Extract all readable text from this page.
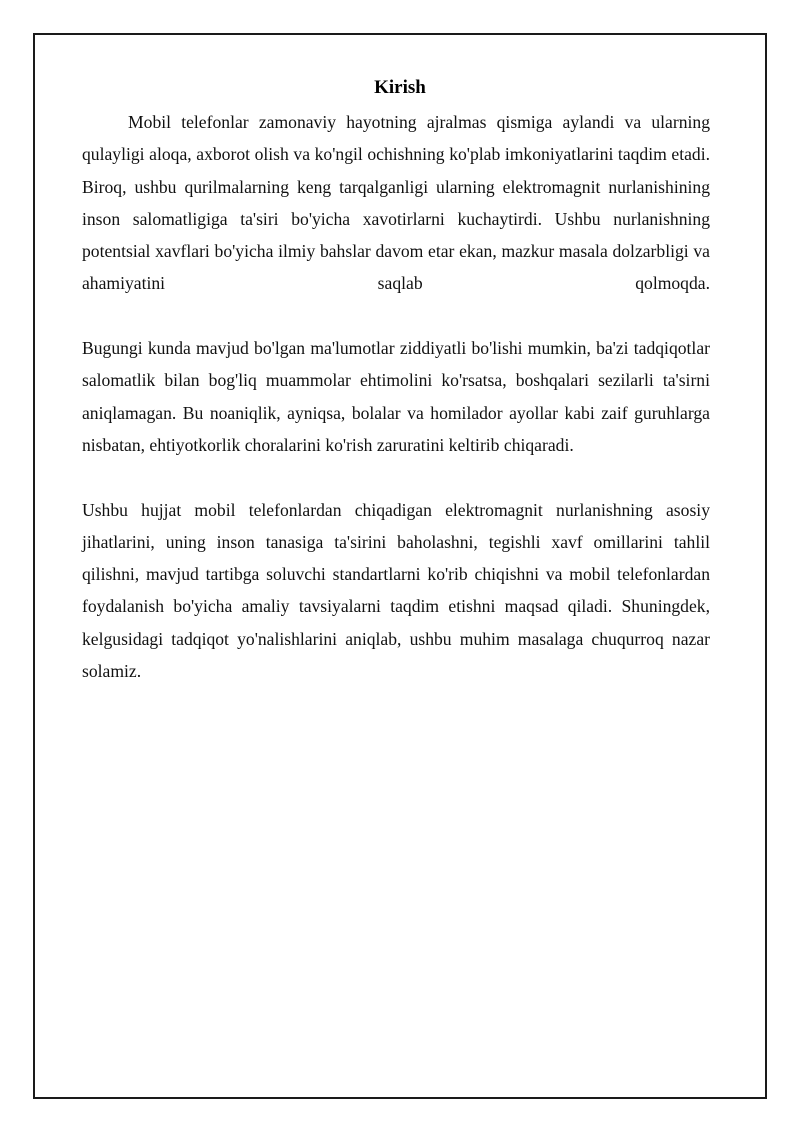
Kirish

Mobil telefonlar zamonaviy hayotning ajralmas qismiga aylandi va ularning qulayligi aloqa, axborot olish va ko'ngil ochishning ko'plab imkoniyatlarini taqdim etadi. Biroq, ushbu qurilmalarning keng tarqalganligi ularning elektromagnit nurlanishining inson salomatligiga ta'siri bo'yicha xavotirlarni kuchaytirdi. Ushbu nurlanishning potentsial xavflari bo'yicha ilmiy bahslar davom etar ekan, mazkur masala dolzarbligi va ahamiyatini saqlab qolmoqda.

Bugungi kunda mavjud bo'lgan ma'lumotlar ziddiyatli bo'lishi mumkin, ba'zi tadqiqotlar salomatlik bilan bog'liq muammolar ehtimolini ko'rsatsa, boshqalari sezilarli ta'sirni aniqlamagan. Bu noaniqlik, ayniqsa, bolalar va homilador ayollar kabi zaif guruhlarga nisbatan, ehtiyotkorlik choralarini ko'rish zaruratini keltirib chiqaradi.

Ushbu hujjat mobil telefonlardan chiqadigan elektromagnit nurlanishning asosiy jihatlarini, uning inson tanasiga ta'sirini baholashni, tegishli xavf omillarini tahlil qilishni, mavjud tartibga soluvchi standartlarni ko'rib chiqishni va mobil telefonlardan foydalanish bo'yicha amaliy tavsiyalarni taqdim etishni maqsad qiladi. Shuningdek, kelgusidagi tadqiqot yo'nalishlarini aniqlab, ushbu muhim masalaga chuqurroq nazar solamiz.
